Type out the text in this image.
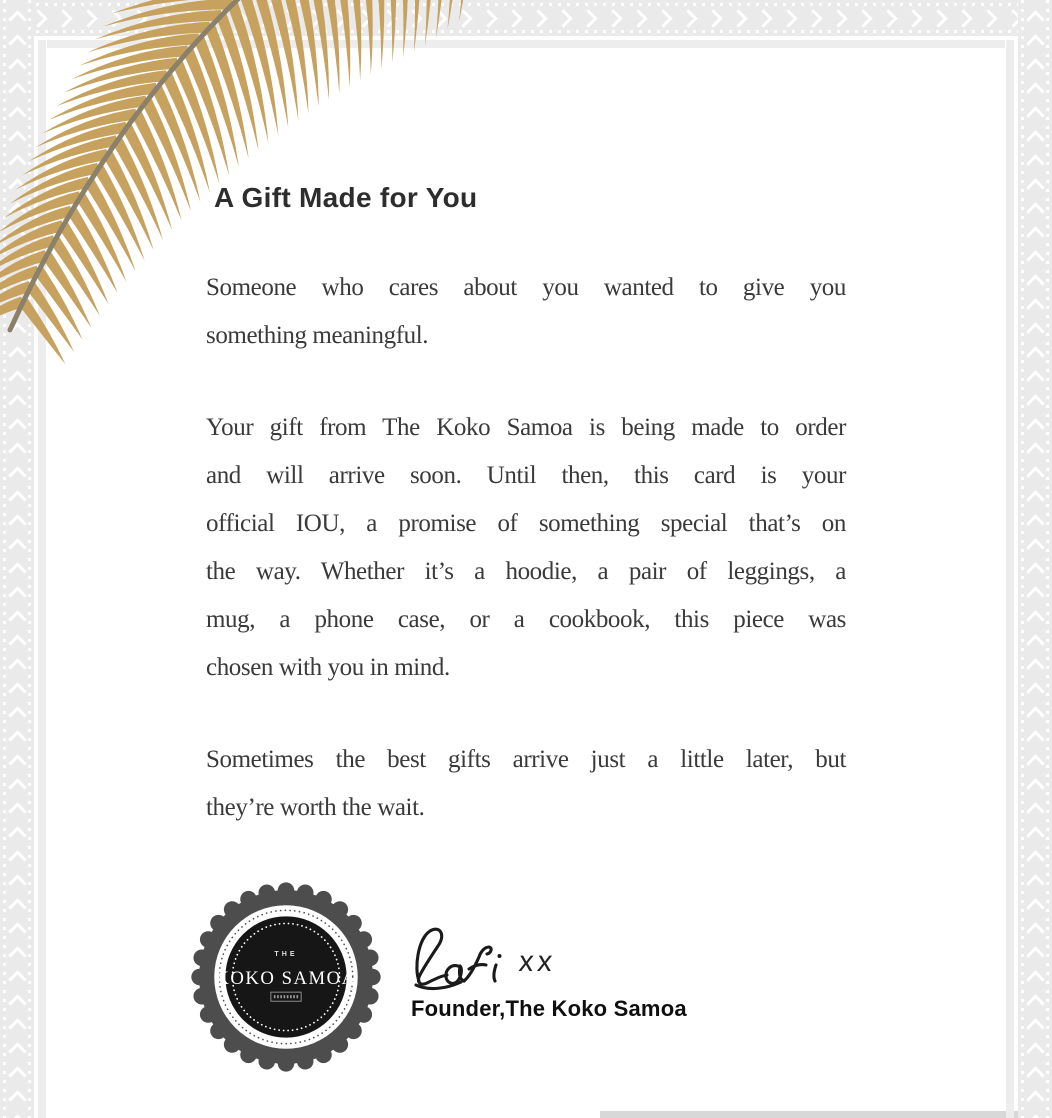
A Gift Made for You
Someone who cares about you wanted to give you
something meaningful.
Your gift from The Koko Samoa is being made to order
and will arrive soon. Until then, this card is your
official IOU, a promise of something special that’s on
the way. Whether it’s a hoodie, a pair of leggings, a
mug, a phone case, or a cookbook, this piece was
chosen with you in mind.
Sometimes the best gifts arrive just a little later, but
they’re worth the wait.
THE
KOKO SAMOA
xx
Founder,The Koko Samoa
